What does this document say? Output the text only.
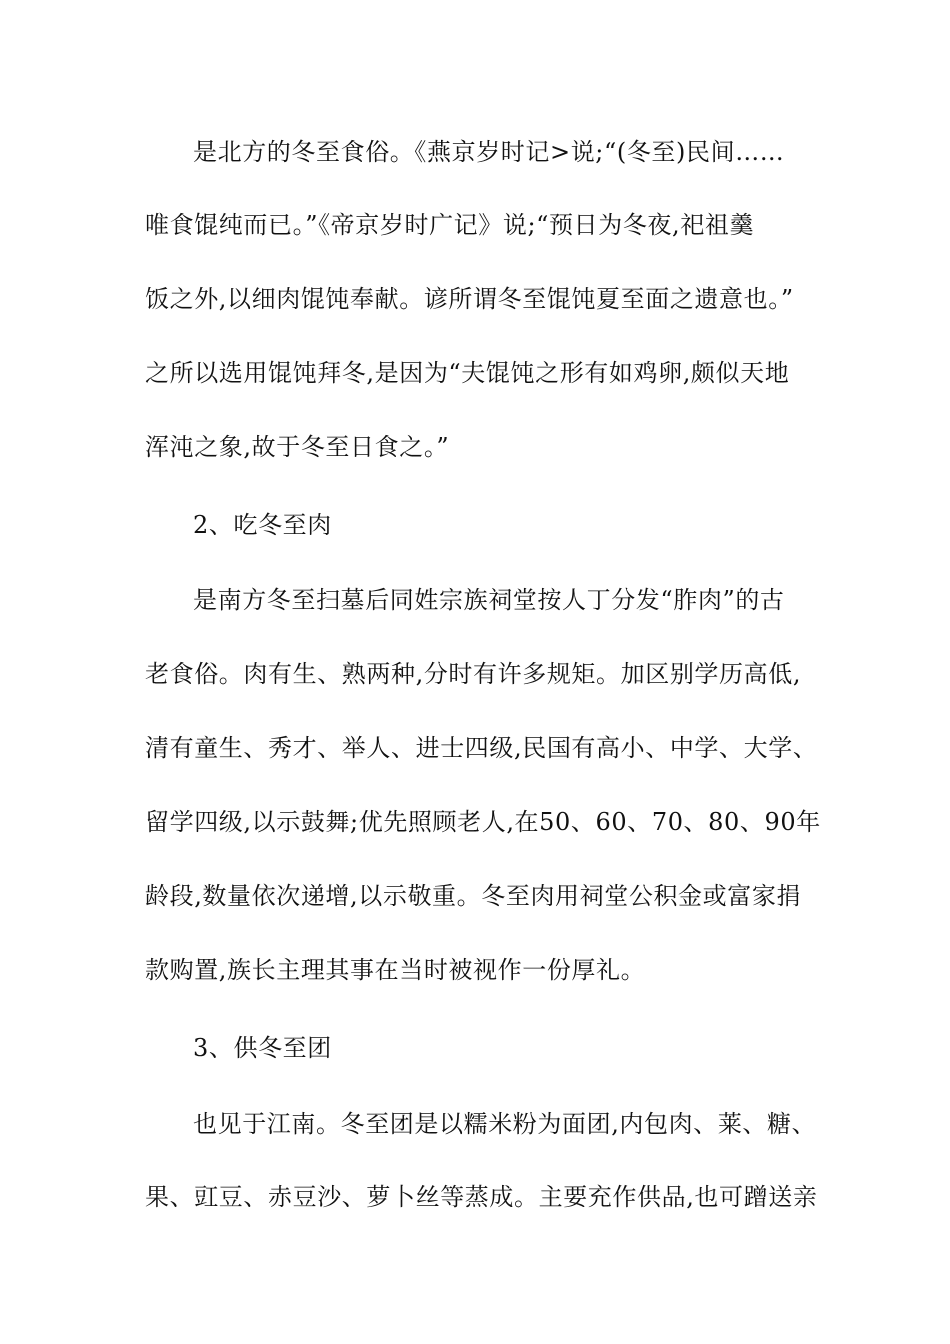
是北方的冬至食俗。《燕京岁时记>说;“(冬至)民间……
唯食馄纯而已。”《帝京岁时广记》说;“预日为冬夜,祀祖羹
饭之外,以细肉馄饨奉献。谚所谓冬至馄饨夏至面之遗意也。”
之所以选用馄饨拜冬,是因为“夫馄饨之形有如鸡卵,颇似天地
浑沌之象,故于冬至日食之。”
2、吃冬至肉
是南方冬至扫墓后同姓宗族祠堂按人丁分发“胙肉”的古
老食俗。肉有生、熟两种,分时有许多规矩。加区别学历高低,
清有童生、秀才、举人、进士四级,民国有高小、中学、大学、
留学四级,以示鼓舞;优先照顾老人,在50、60、70、80、90年
龄段,数量依次递增,以示敬重。冬至肉用祠堂公积金或富家捐
款购置,族长主理其事在当时被视作一份厚礼。
3、供冬至团
也见于江南。冬至团是以糯米粉为面团,内包肉、莱、糖、
果、豇豆、赤豆沙、萝卜丝等蒸成。主要充作供品,也可蹭送亲
